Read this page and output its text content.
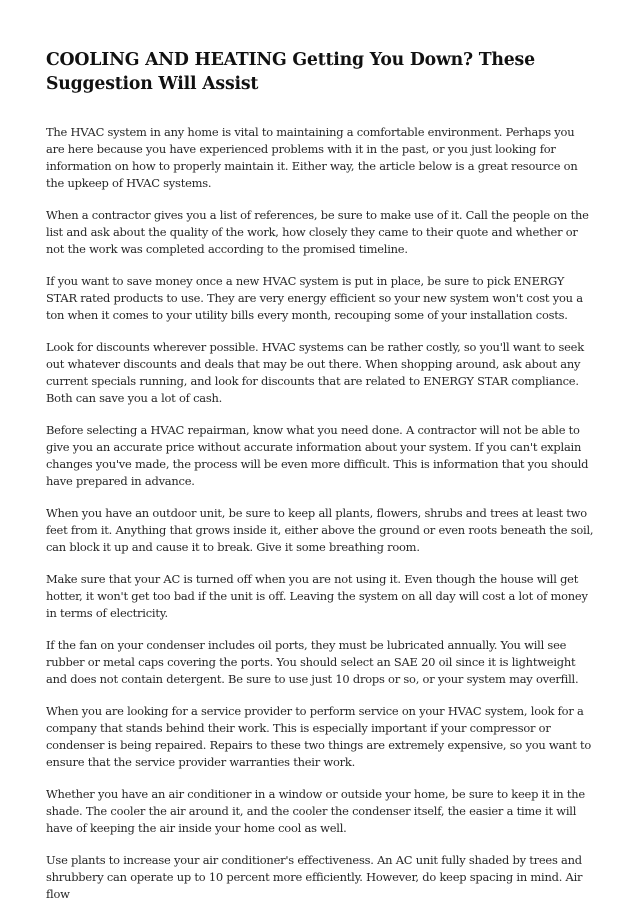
COOLING AND HEATING Getting You Down? These Suggestion Will Assist

The HVAC system in any home is vital to maintaining a comfortable environment. Perhaps you are here because you have experienced problems with it in the past, or you just looking for information on how to properly maintain it. Either way, the article below is a great resource on the upkeep of HVAC systems.

When a contractor gives you a list of references, be sure to make use of it. Call the people on the list and ask about the quality of the work, how closely they came to their quote and whether or not the work was completed according to the promised timeline.

If you want to save money once a new HVAC system is put in place, be sure to pick ENERGY STAR rated products to use. They are very energy efficient so your new system won't cost you a ton when it comes to your utility bills every month, recouping some of your installation costs.

Look for discounts wherever possible. HVAC systems can be rather costly, so you'll want to seek out whatever discounts and deals that may be out there. When shopping around, ask about any current specials running, and look for discounts that are related to ENERGY STAR compliance. Both can save you a lot of cash.

Before selecting a HVAC repairman, know what you need done. A contractor will not be able to give you an accurate price without accurate information about your system. If you can't explain changes you've made, the process will be even more difficult. This is information that you should have prepared in advance.

When you have an outdoor unit, be sure to keep all plants, flowers, shrubs and trees at least two feet from it. Anything that grows inside it, either above the ground or even roots beneath the soil, can block it up and cause it to break. Give it some breathing room.

Make sure that your AC is turned off when you are not using it. Even though the house will get hotter, it won't get too bad if the unit is off. Leaving the system on all day will cost a lot of money in terms of electricity.

If the fan on your condenser includes oil ports, they must be lubricated annually. You will see rubber or metal caps covering the ports. You should select an SAE 20 oil since it is lightweight and does not contain detergent. Be sure to use just 10 drops or so, or your system may overfill.

When you are looking for a service provider to perform service on your HVAC system, look for a company that stands behind their work. This is especially important if your compressor or condenser is being repaired. Repairs to these two things are extremely expensive, so you want to ensure that the service provider warranties their work.

Whether you have an air conditioner in a window or outside your home, be sure to keep it in the shade. The cooler the air around it, and the cooler the condenser itself, the easier a time it will have of keeping the air inside your home cool as well.

Use plants to increase your air conditioner's effectiveness. An AC unit fully shaded by trees and shrubbery can operate up to 10 percent more efficiently. However, do keep spacing in mind. Air flow
